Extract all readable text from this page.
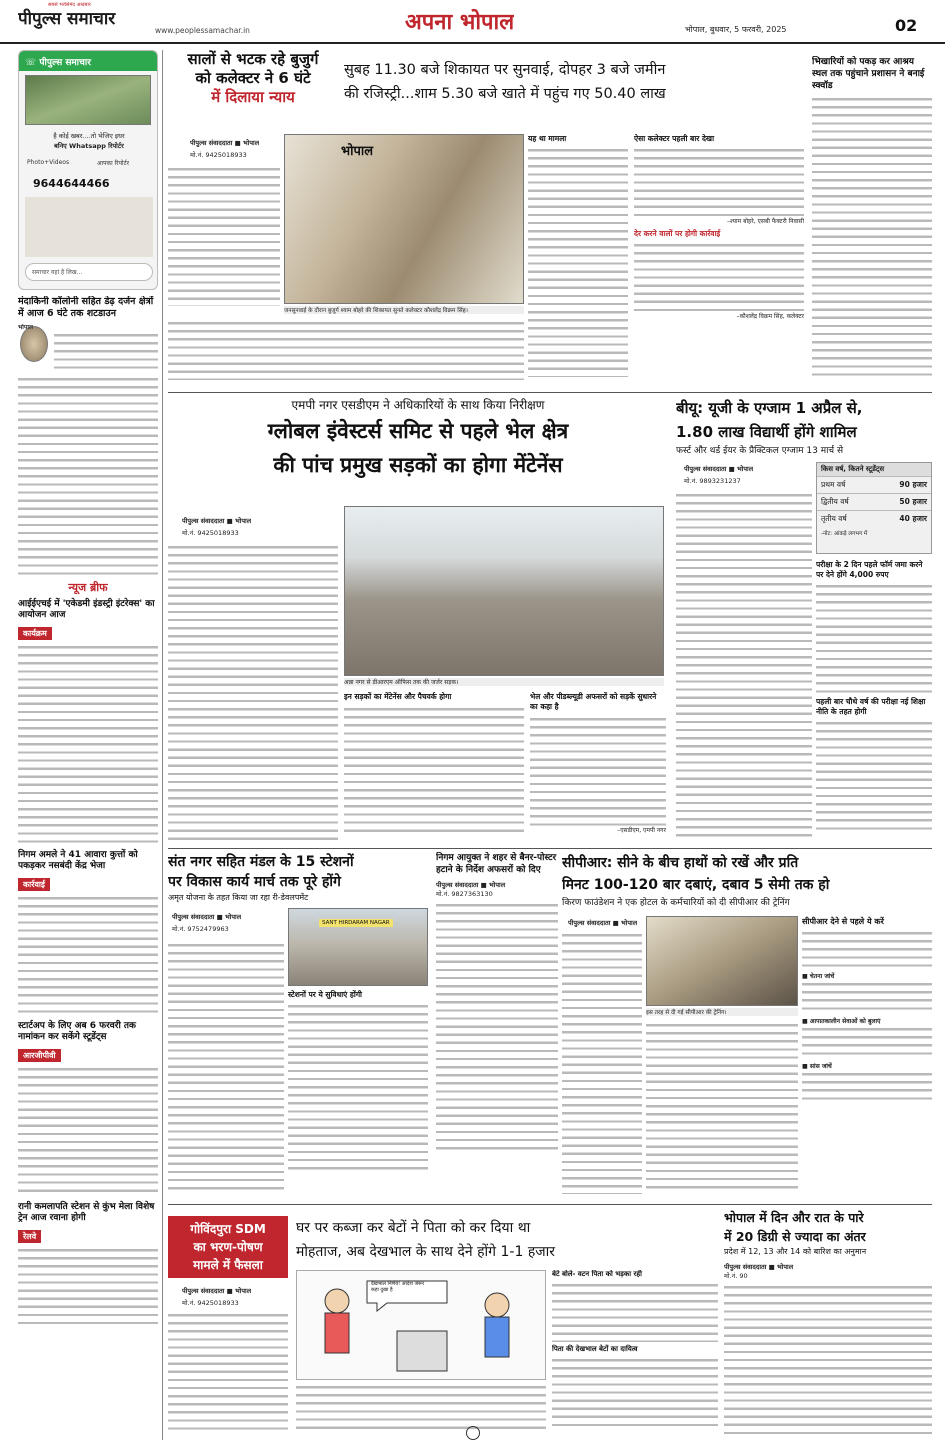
सबसे भरोसेमंद अखबार
पीपुल्स समाचार
www.peoplessamachar.in	अपना भोपाल	भोपाल, बुधवार, 5 फरवरी, 2025	02
☏ पीपुल्स समाचार
है कोई खबर....तो भेजिए इधर
बनिए Whatsapp रिपोर्टर
Photo+Videos	आपका रिपोर्टर
9644644466
समाचार यहां है लिख...
मंदाकिनी कॉलोनी सहित डेढ़ दर्जन क्षेत्रों में आज 6 घंटे तक शटडाउन
भोपाल
न्यूज ब्रीफ
आईईएचई में 'एकेडमी इंडस्ट्री इंटरेक्स' का आयोजन आज
कार्यक्रम
निगम अमले ने 41 आवारा कुत्तों को पकड़कर नसबंदी केंद्र भेजा
कार्रवाई
स्टार्टअप के लिए अब 6 फरवरी तक नामांकन कर सकेंगे स्टूडेंट्स
आरजीपीवी
रानी कमलापति स्टेशन से कुंभ मेला विशेष ट्रेन आज रवाना होगी
रेलवे
सालों से भटक रहे बुजुर्ग
को कलेक्टर ने 6 घंटे
में दिलाया न्याय
सुबह 11.30 बजे शिकायत पर सुनवाई, दोपहर 3 बजे जमीन
की रजिस्ट्री...शाम 5.30 बजे खाते में पहुंच गए 50.40 लाख
पीपुल्स संवाददाता ■ भोपाल
मो.नं. 9425018933	भोपाल
जनसुनवाई के दौरान बुजुर्ग श्याम बोहरे की शिकायत सुनते कलेक्टर कौशलेंद्र विक्रम सिंह।
यह था मामला	ऐसा कलेक्टर पहली बार देखा
–श्याम बोहरे, एसबी फैक्टरी निवासी
देर करने वालों पर होगी कार्रवाई
–कौशलेंद्र विक्रम सिंह, कलेक्टर
भिखारियों को पकड़ कर आश्रय स्थल तक पहुंचाने प्रशासन ने बनाई स्क्वॉड
एमपी नगर एसडीएम ने अधिकारियों के साथ किया निरीक्षण
ग्लोबल इंवेस्टर्स समिट से पहले भेल क्षेत्र
की पांच प्रमुख सड़कों का होगा मेंटेनेंस
पीपुल्स संवाददाता ■ भोपाल
मो.नं. 9425018933
अन्ना नगर से डीआरएम ऑफिस तक की जर्जर सड़क।
इन सड़कों का मेंटेनेंस और पैचवर्क होगा	भेल और पीडब्ल्यूडी अफसरों को सड़कें सुधारने का कहा है
–एसडीएम, एमपी नगर
बीयू: यूजी के एग्जाम 1 अप्रैल से,
1.80 लाख विद्यार्थी होंगे शामिल
फर्स्ट और थर्ड ईयर के प्रैक्टिकल एग्जाम 13 मार्च से
पीपुल्स संवाददाता ■ भोपाल
मो.नं. 9893231237
किस वर्ष, कितने स्टूडेंट्स
प्रथम वर्ष	90 हजार
द्वितीय वर्ष	50 हजार
तृतीय वर्ष	40 हजार
-नोट: आंकड़े लगभग में
परीक्षा के 2 दिन पहले फॉर्म जमा करने पर देने होंगे 4,000 रुपए
पहली बार चौथे वर्ष की परीक्षा नई शिक्षा नीति के तहत होगी
संत नगर सहित मंडल के 15 स्टेशनों
पर विकास कार्य मार्च तक पूरे होंगे
अमृत योजना के तहत किया जा रहा री-डेवलपमेंट
पीपुल्स संवाददाता ■ भोपाल
मो.नं. 9752479963
SANT HIRDARAM NAGAR
स्टेशनों पर ये सुविधाएं होंगी
निगम आयुक्त ने शहर से बैनर-पोस्टर हटाने के निर्देश अफसरों को दिए
पीपुल्स संवाददाता ■ भोपाल
मो.नं. 9827363130
सीपीआर: सीने के बीच हाथों को रखें और प्रति
मिनट 100-120 बार दबाएं, दबाव 5 सेमी तक हो
किरण फाउंडेशन ने एक होटल के कर्मचारियों को दी सीपीआर की ट्रेनिंग
पीपुल्स संवाददाता ■ भोपाल
इस तरह से दी गई सीपीआर की ट्रेनिंग।
सीपीआर देने से पहले ये करें
■ चेतना जांचें
■ आपातकालीन सेवाओं को बुलाएं
■ सांस जांचें
गोविंदपुरा SDM
का भरण-पोषण
मामले में फैसला
घर पर कब्जा कर बेटों ने पिता को कर दिया था
मोहताज, अब देखभाल के साथ देने होंगे 1-1 हजार
पीपुल्स संवाददाता ■ भोपाल
मो.नं. 9425018933
देखभाल निर्णय! आदेश जरूर
कहा दुखा है
बेटे बोले- वटन पिता को भड़का रही
पिता की देखभाल बेटों का दायित्व
भोपाल में दिन और रात के पारे
में 20 डिग्री से ज्यादा का अंतर
प्रदेश में 12, 13 और 14 को बारिश का अनुमान
पीपुल्स संवाददाता ■ भोपाल
मो.नं. 90
